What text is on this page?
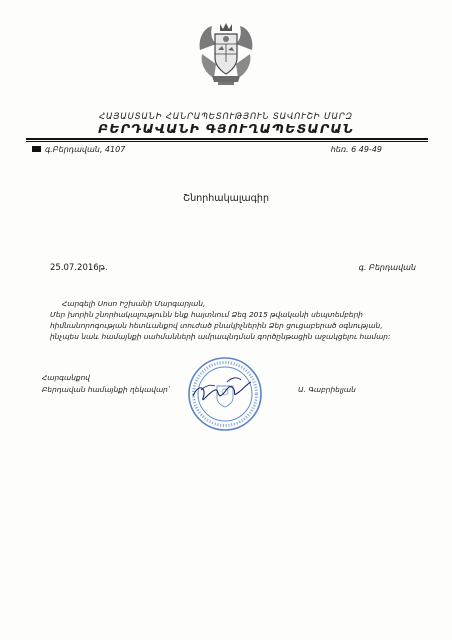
ՀԱՅԱՍՏԱՆԻ ՀԱՆՐԱՊԵՏՈՒԹՅՈՒՆ ՏԱՎՈՒՇԻ ՄԱՐԶ
ԲԵՐԴԱՎԱՆԻ ԳՅՈՒՂԱՊԵՏԱՐԱՆ
գ.Բերդավան, 4107	հեռ. 6 49-49
Շնորհակալագիր
25.07.2016թ.	գ. Բերդավան

Հարգելի Սոսո Իշխանի Մարգարյան,

Մեր խորին շնորհակալությունն ենք հայտնում Ձեզ 2015 թվականի սեպտեմբերի հիմնանորոգության հետևանքով տուժած բնակիչներին Ձեր ցուցաբերած օգնության, ինչպես նաև համայնքի սահմանների ամրապնդման գործընթացին աջակցելու համար:

Հարգանքով
Բերդավան համայնքի ղեկավար՝	Ա. Գաբրիելյան
